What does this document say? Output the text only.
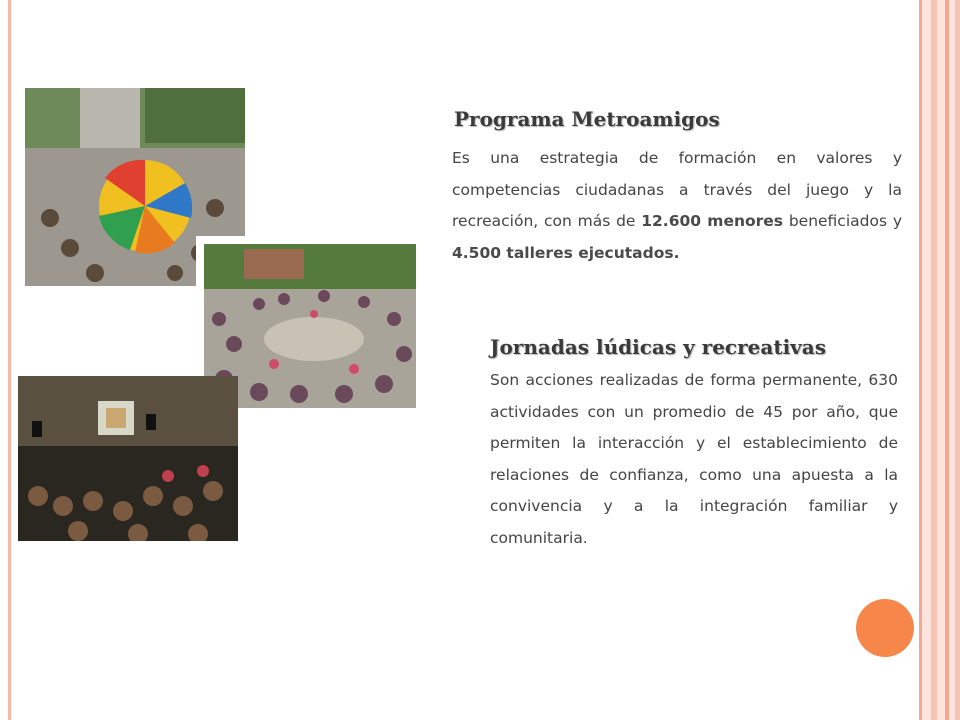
Programa Metroamigos

Es una estrategia de formación en valores y competencias ciudadanas a través del juego y la recreación, con más de 12.600 menores beneficiados y 4.500 talleres ejecutados.

Jornadas lúdicas y recreativas

Son acciones realizadas de forma permanente, 630 actividades con un promedio de 45 por año, que permiten la interacción y el establecimiento de relaciones de confianza, como una apuesta a la convivencia y a la integración familiar y comunitaria.
